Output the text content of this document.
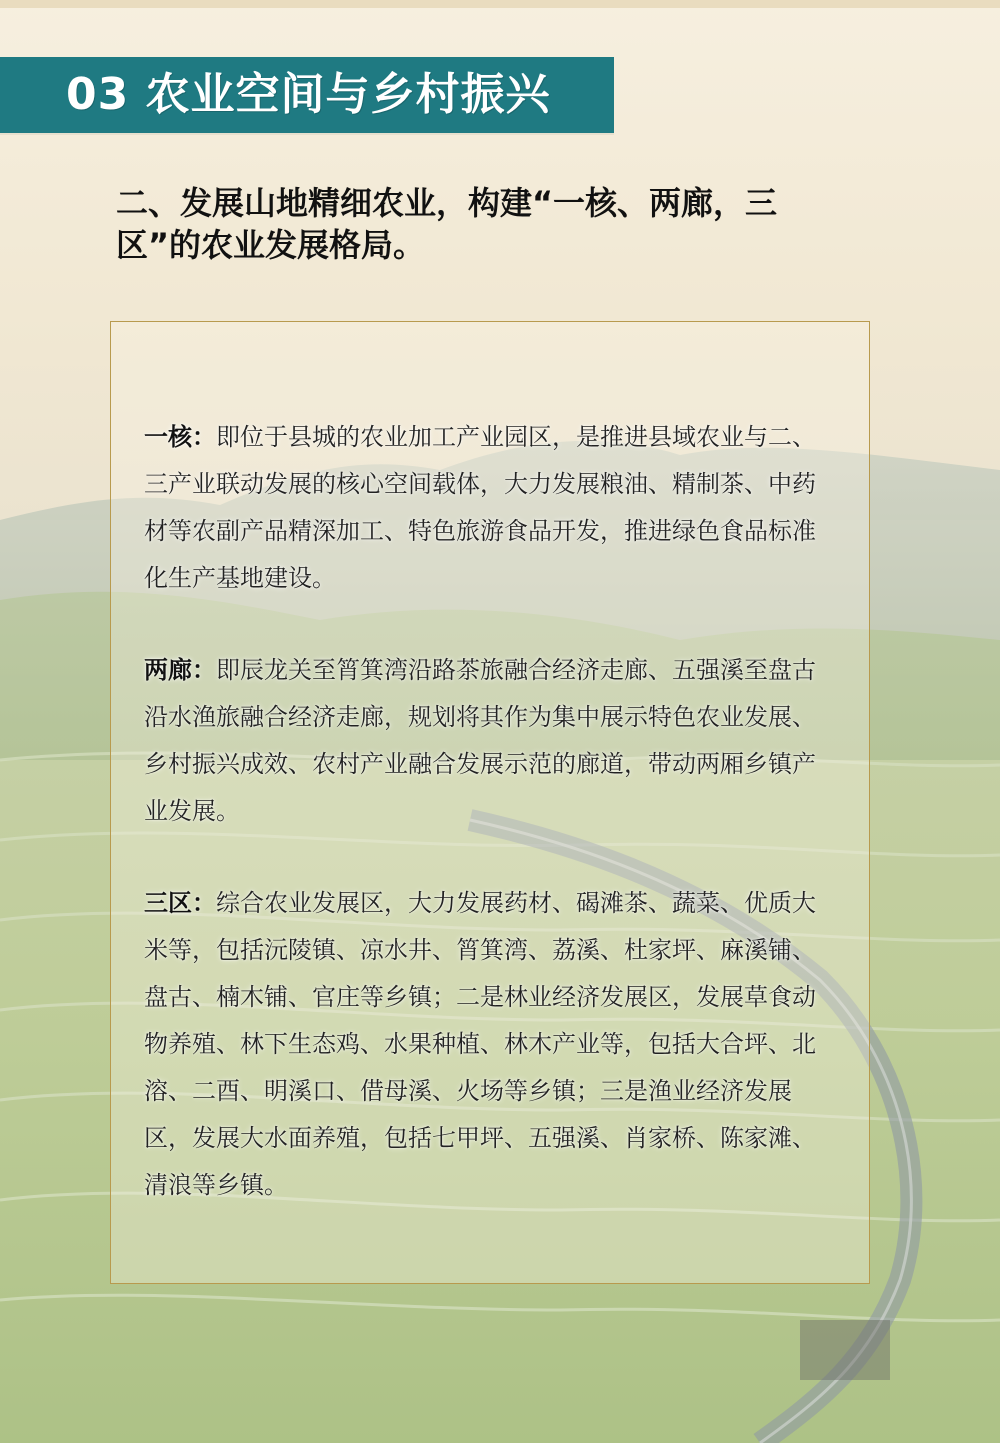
03 农业空间与乡村振兴
二、发展山地精细农业，构建“一核、两廊，三区”的农业发展格局。
一核：即位于县城的农业加工产业园区，是推进县域农业与二、三产业联动发展的核心空间载体，大力发展粮油、精制茶、中药材等农副产品精深加工、特色旅游食品开发，推进绿色食品标准化生产基地建设。
两廊：即辰龙关至筲箕湾沿路茶旅融合经济走廊、五强溪至盘古沿水渔旅融合经济走廊，规划将其作为集中展示特色农业发展、乡村振兴成效、农村产业融合发展示范的廊道，带动两厢乡镇产业发展。
三区：综合农业发展区，大力发展药材、碣滩茶、蔬菜、优质大米等，包括沅陵镇、凉水井、筲箕湾、荔溪、杜家坪、麻溪铺、盘古、楠木铺、官庄等乡镇；二是林业经济发展区，发展草食动物养殖、林下生态鸡、水果种植、林木产业等，包括大合坪、北溶、二酉、明溪口、借母溪、火场等乡镇；三是渔业经济发展区，发展大水面养殖，包括七甲坪、五强溪、肖家桥、陈家滩、清浪等乡镇。
